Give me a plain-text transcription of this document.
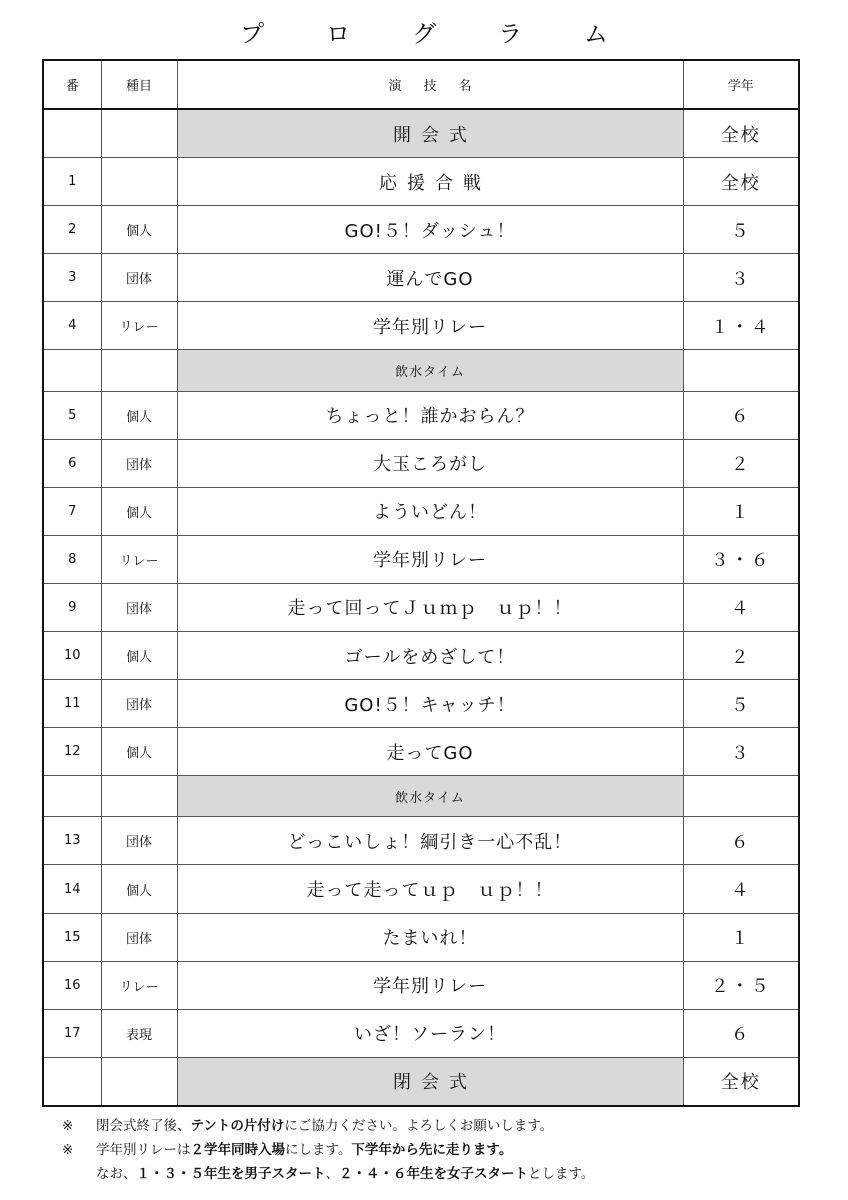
プログラム
番	種目	演技名	学年
		開会式	全校
1		応援合戦	全校
2	個人	GO!５！ダッシュ！	５
3	団体	運んでGO	３
4	リレー	学年別リレー	１・４
		飲水タイム	
5	個人	ちょっと！誰かおらん？	６
6	団体	大玉ころがし	２
7	個人	よういどん！	１
8	リレー	学年別リレー	３・６
9	団体	走って回ってＪｕｍｐ　ｕｐ！！	４
10	個人	ゴールをめざして！	２
11	団体	GO!５！キャッチ！	５
12	個人	走ってGO	３
		飲水タイム	
13	団体	どっこいしょ！綱引き一心不乱！	６
14	個人	走って走ってｕｐ　ｕｐ！！	４
15	団体	たまいれ！	１
16	リレー	学年別リレー	２・５
17	表現	いざ！ソーラン！	６
		閉会式	全校
※ 閉会式終了後、テントの片付けにご協力ください。よろしくお願いします。
※ 学年別リレーは２学年同時入場にします。下学年から先に走ります。
なお、１・３・５年生を男子スタート、２・４・６年生を女子スタートとします。
